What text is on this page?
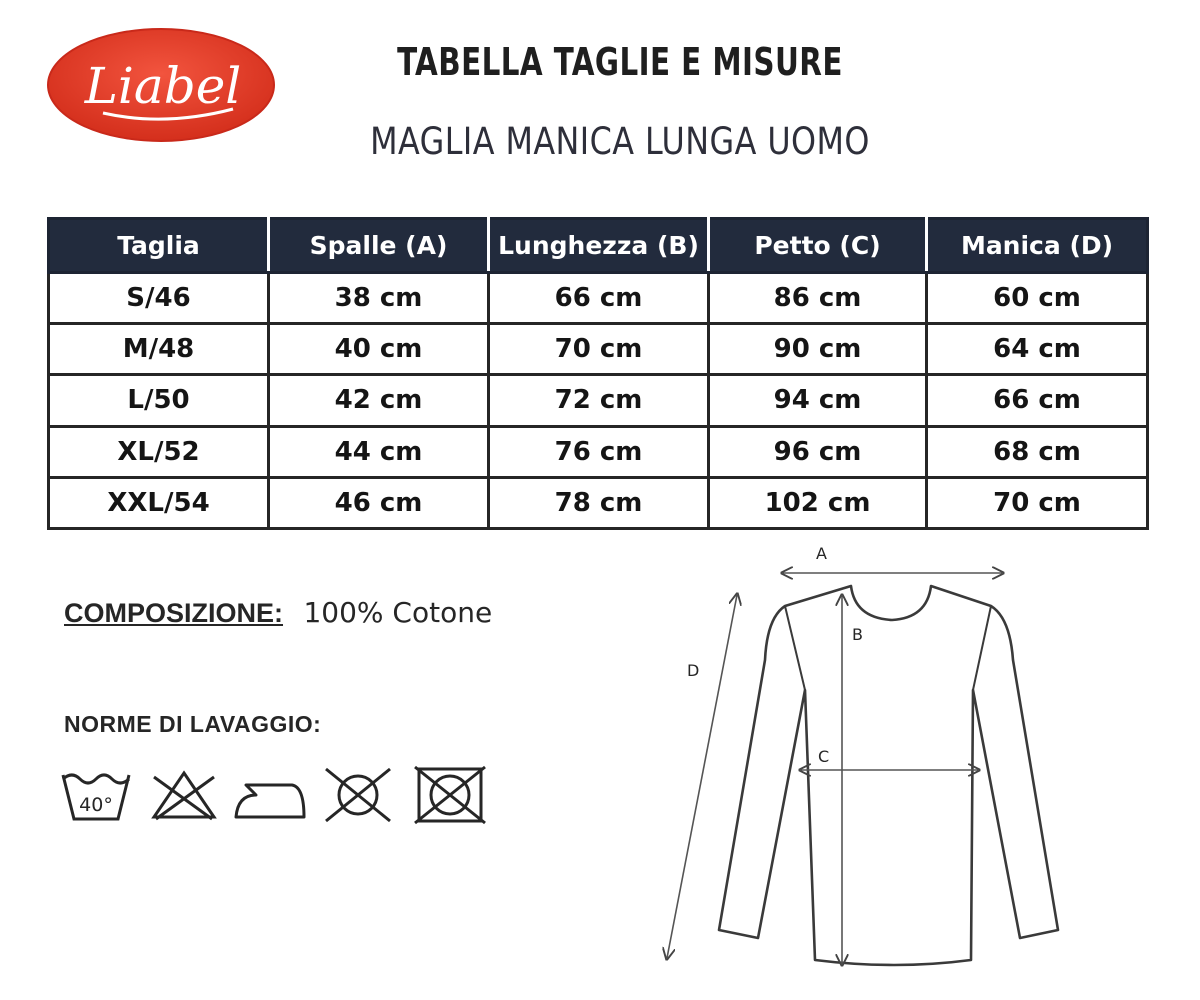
Liabel	TABELLA TAGLIE E MISURE
MAGLIA MANICA LUNGA UOMO
Taglia	Spalle (A)	Lunghezza (B)	Petto (C)	Manica (D)
S/46	38 cm	66 cm	86 cm	60 cm
M/48	40 cm	70 cm	90 cm	64 cm
L/50	42 cm	72 cm	94 cm	66 cm
XL/52	44 cm	76 cm	96 cm	68 cm
XXL/54	46 cm	78 cm	102 cm	70 cm
COMPOSIZIONE: 100% Cotone
NORME DI LAVAGGIO:
40°
A
B
C
D
